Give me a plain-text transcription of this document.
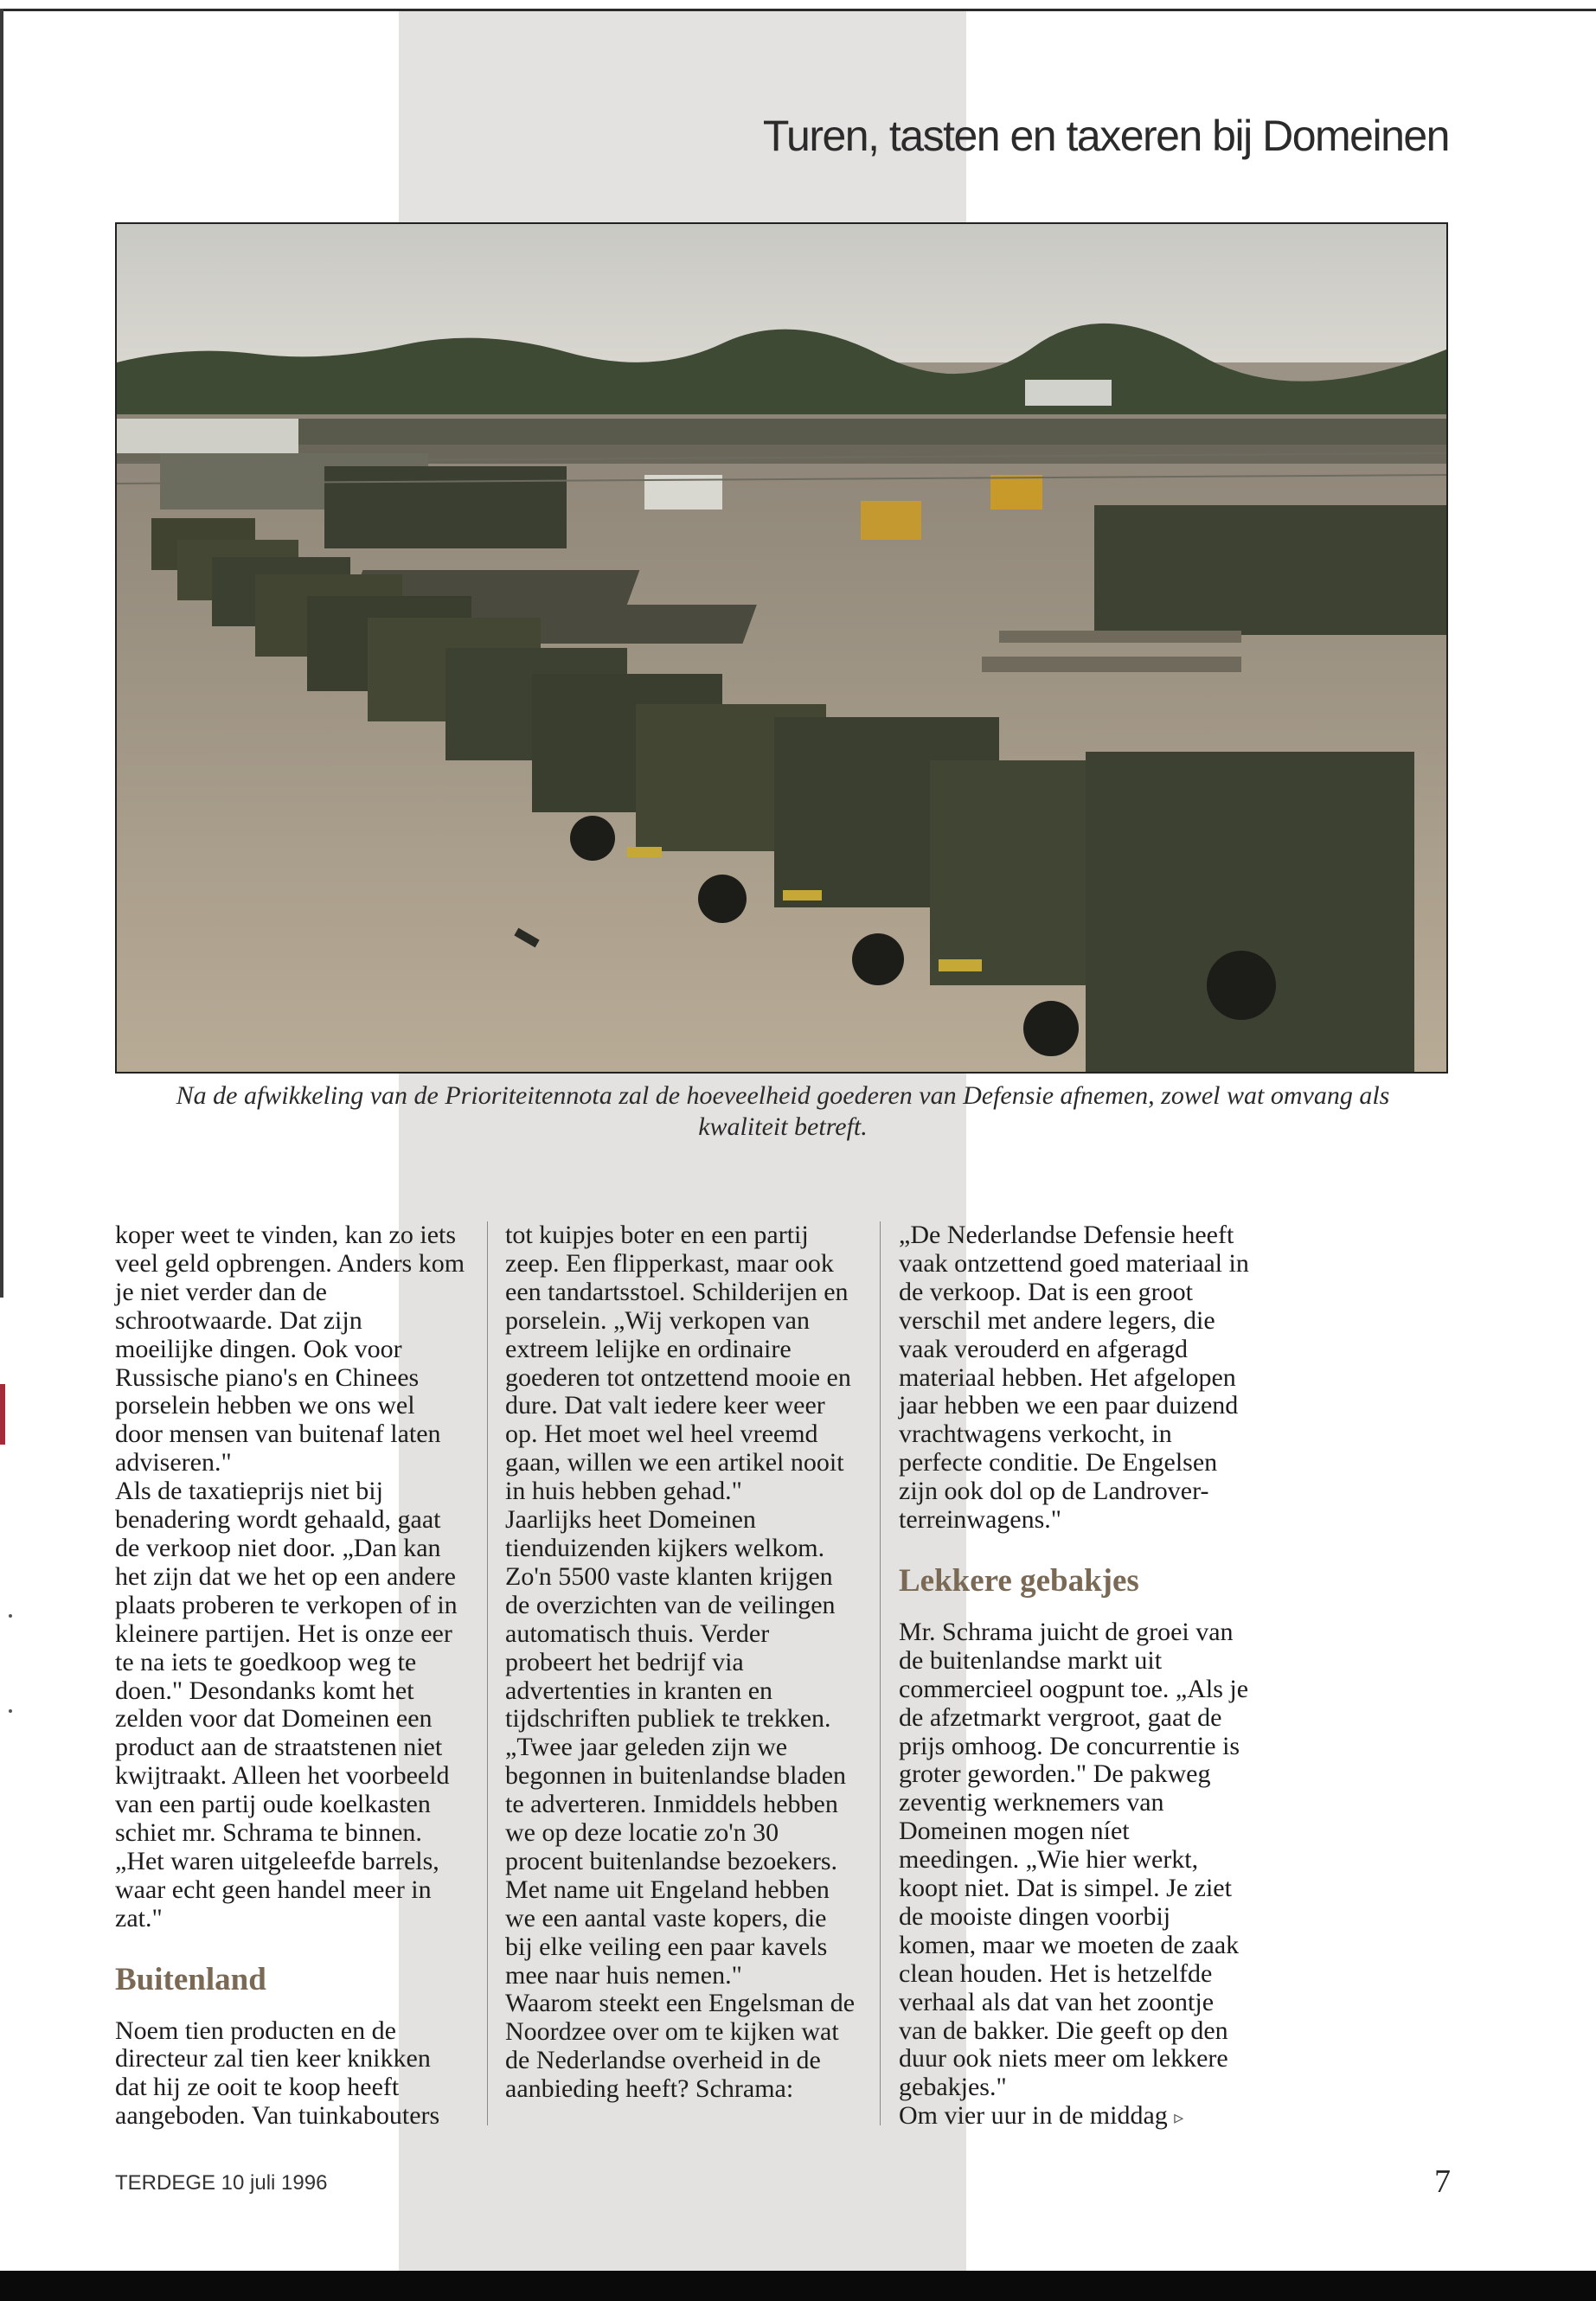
Turen, tasten en taxeren bij Domeinen
Na de afwikkeling van de Prioriteitennota zal de hoeveelheid goederen van Defensie afnemen, zowel wat omvang als kwaliteit betreft.

koper weet te vinden, kan zo iets veel geld opbrengen. Anders kom je niet verder dan de schrootwaarde. Dat zijn moeilijke dingen. Ook voor Russische piano's en Chinees porselein hebben we ons wel door mensen van buitenaf laten adviseren."

Als de taxatieprijs niet bij benadering wordt gehaald, gaat de verkoop niet door. „Dan kan het zijn dat we het op een andere plaats proberen te verkopen of in kleinere partijen. Het is onze eer te na iets te goedkoop weg te doen." Desondanks komt het zelden voor dat Domeinen een product aan de straatstenen niet kwijtraakt. Alleen het voorbeeld van een partij oude koelkasten schiet mr. Schrama te binnen. „Het waren uitgeleefde barrels, waar echt geen handel meer in zat."

Buitenland

Noem tien producten en de directeur zal tien keer knikken dat hij ze ooit te koop heeft aangeboden. Van tuinkabouters

tot kuipjes boter en een partij zeep. Een flipperkast, maar ook een tandartsstoel. Schilderijen en porselein. „Wij verkopen van extreem lelijke en ordinaire goederen tot ontzettend mooie en dure. Dat valt iedere keer weer op. Het moet wel heel vreemd gaan, willen we een artikel nooit in huis hebben gehad."

Jaarlijks heet Domeinen tienduizenden kijkers welkom. Zo'n 5500 vaste klanten krijgen de overzichten van de veilingen automatisch thuis. Verder probeert het bedrijf via advertenties in kranten en tijdschriften publiek te trekken. „Twee jaar geleden zijn we begonnen in buitenlandse bladen te adverteren. Inmiddels hebben we op deze locatie zo'n 30 procent buitenlandse bezoekers. Met name uit Engeland hebben we een aantal vaste kopers, die bij elke veiling een paar kavels mee naar huis nemen."

Waarom steekt een Engelsman de Noordzee over om te kijken wat de Nederlandse overheid in de aanbieding heeft? Schrama:

„De Nederlandse Defensie heeft vaak ontzettend goed materiaal in de verkoop. Dat is een groot verschil met andere legers, die vaak verouderd en afgeragd materiaal hebben. Het afgelopen jaar hebben we een paar duizend vrachtwagens verkocht, in perfecte conditie. De Engelsen zijn ook dol op de Landrover-terreinwagens."

Lekkere gebakjes

Mr. Schrama juicht de groei van de buitenlandse markt uit commercieel oogpunt toe. „Als je de afzetmarkt vergroot, gaat de prijs omhoog. De concurrentie is groter geworden." De pakweg zeventig werknemers van Domeinen mogen níet meedingen. „Wie hier werkt, koopt niet. Dat is simpel. Je ziet de mooiste dingen voorbij komen, maar we moeten de zaak clean houden. Het is hetzelfde verhaal als dat van het zoontje van de bakker. Die geeft op den duur ook niets meer om lekkere gebakjes."

Om vier uur in de middag ▹

TERDEGE 10 juli 1996	7
